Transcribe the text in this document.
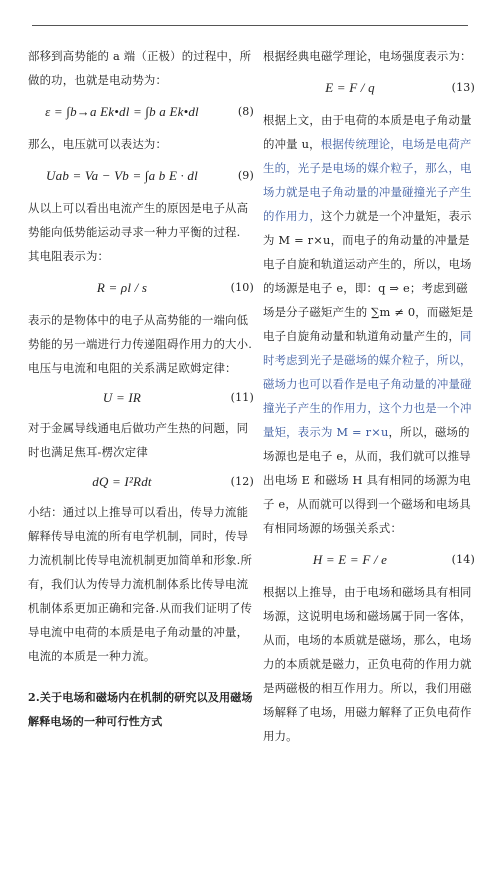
部移到高势能的 a 端（正极）的过程中，所做的功，也就是电动势为：

ε = ∫b→a Ek•dl = ∫b a Ek•dl	(8)

那么，电压就可以表达为：

Uab = Va − Vb = ∫a b E · dl	(9)

从以上可以看出电流产生的原因是电子从高势能向低势能运动寻求一种力平衡的过程.

其电阻表示为：

R = ρl / s	(10)

表示的是物体中的电子从高势能的一端向低势能的另一端进行力传递阻碍作用力的大小.

电压与电流和电阻的关系满足欧姆定律：

U = IR	(11)

对于金属导线通电后做功产生热的问题，同时也满足焦耳-楞次定律

dQ = I²Rdt	(12)

小结：通过以上推导可以看出，传导力流能解释传导电流的所有电学机制，同时，传导力流机制比传导电流机制更加简单和形象.所有，我们认为传导力流机制体系比传导电流机制体系更加正确和完备.从而我们证明了传导电流中电荷的本质是电子角动量的冲量，电流的本质是一种力流。

2.关于电场和磁场内在机制的研究以及用磁场解释电场的一种可行性方式

根据经典电磁学理论，电场强度表示为：

E = F / q	(13)

根据上文，由于电荷的本质是电子角动量的冲量 u，根据传统理论，电场是电荷产生的，光子是电场的媒介粒子，那么，电场力就是电子角动量的冲量碰撞光子产生的作用力，这个力就是一个冲量矩，表示为 M = r×u，而电子的角动量的冲量是电子自旋和轨道运动产生的，所以，电场的场源是电子 e，即：q ⇒ e；考虑到磁场是分子磁矩产生的 ∑m ≠ 0，而磁矩是电子自旋角动量和轨道角动量产生的，同时考虑到光子是磁场的媒介粒子，所以，磁场力也可以看作是电子角动量的冲量碰撞光子产生的作用力，这个力也是一个冲量矩，表示为 M = r×u，所以，磁场的场源也是电子 e，从而，我们就可以推导出电场 E 和磁场 H 具有相同的场源为电子 e，从而就可以得到一个磁场和电场具有相同场源的场强关系式：

H = E = F / e	(14)

根据以上推导，由于电场和磁场具有相同场源，这说明电场和磁场属于同一客体，从而，电场的本质就是磁场，那么，电场力的本质就是磁力，正负电荷的作用力就是两磁极的相互作用力。所以，我们用磁场解释了电场，用磁力解释了正负电荷作用力。
